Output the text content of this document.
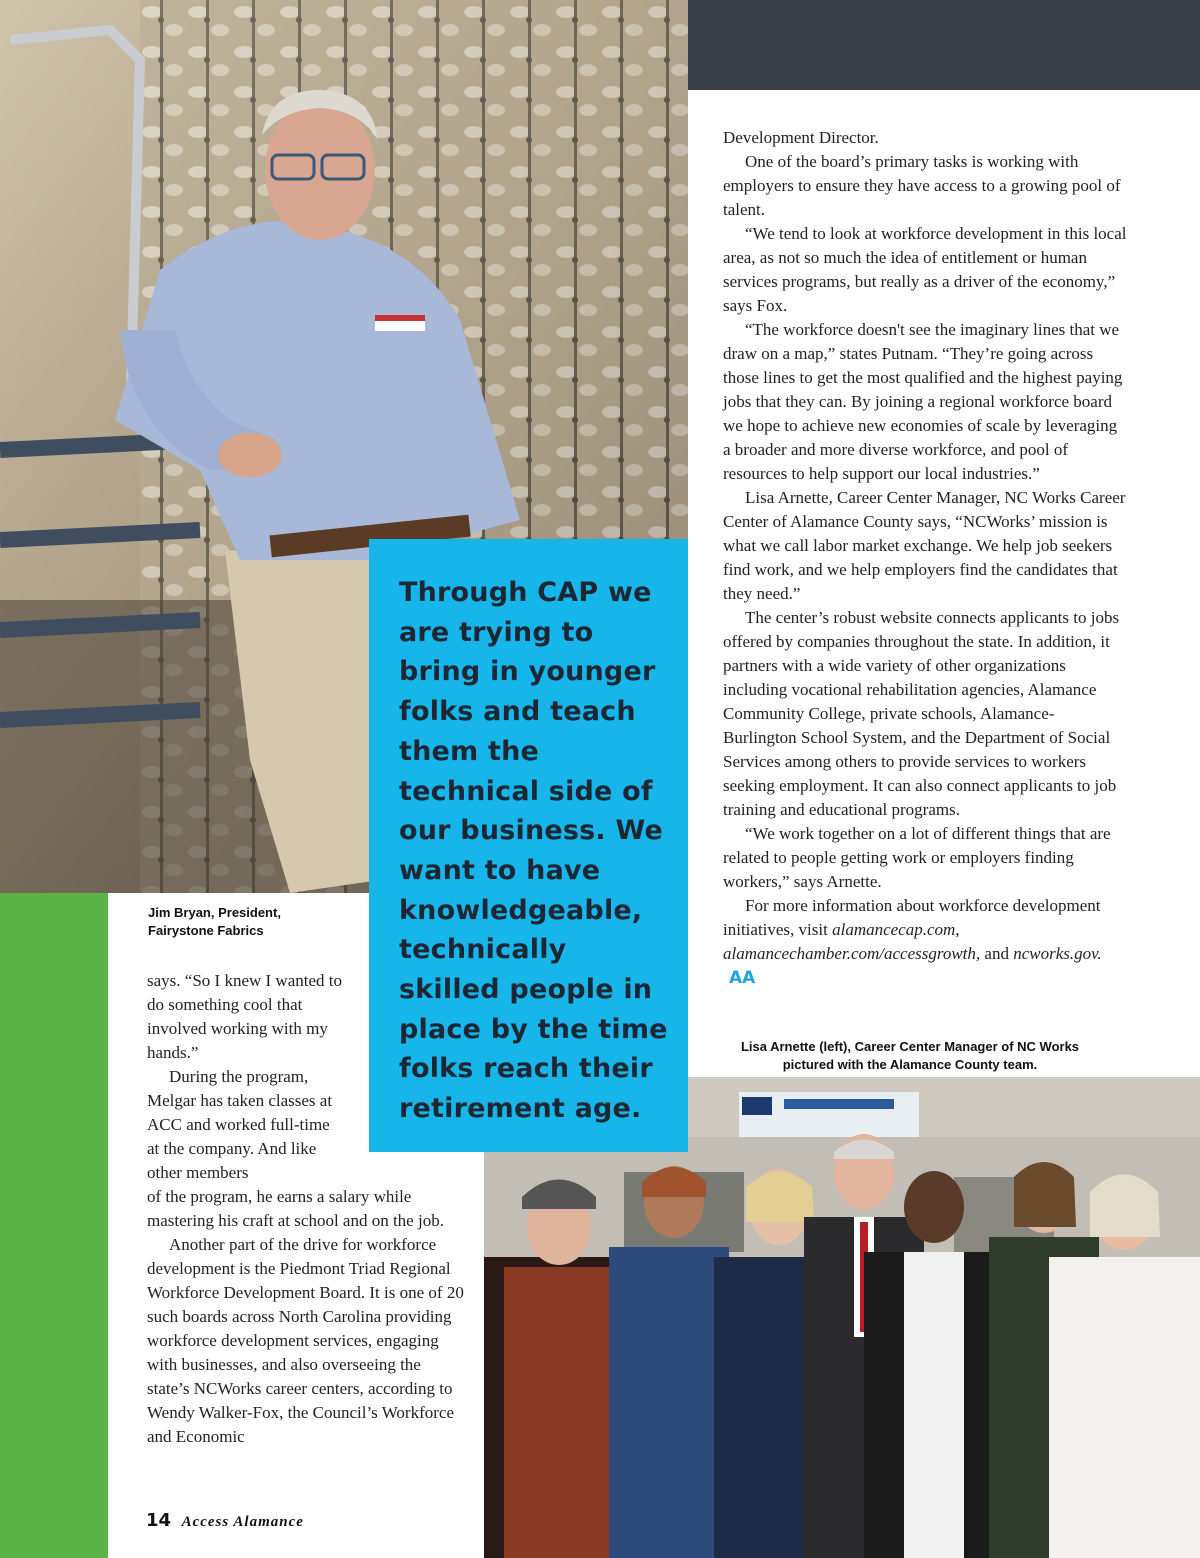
Through CAP we are trying to bring in younger folks and teach them the technical side of our business. We want to have knowledgeable, technically skilled people in place by the time folks reach their retirement age.

Jim Bryan, President,
Fairystone Fabrics
Lisa Arnette (left), Career Center Manager of NC Works
pictured with the Alamance County team.

says. “So I knew I wanted to do something cool that involved working with my hands.”

During the program, Melgar has taken classes at ACC and worked full-time at the company. And like other members

of the program, he earns a salary while mastering his craft at school and on the job.

Another part of the drive for workforce development is the Piedmont Triad Regional Workforce Development Board. It is one of 20 such boards across North Carolina providing workforce development services, engaging with businesses, and also overseeing the state’s NCWorks career centers, according to Wendy Walker-Fox, the Council’s Workforce and Economic

Development Director.

One of the board’s primary tasks is working with employers to ensure they have access to a growing pool of talent.

“We tend to look at workforce development in this local area, as not so much the idea of entitlement or human services programs, but really as a driver of the economy,” says Fox.

“The workforce doesn't see the imaginary lines that we draw on a map,” states Putnam. “They’re going across those lines to get the most qualified and the highest paying jobs that they can. By joining a regional workforce board we hope to achieve new economies of scale by leveraging a broader and more diverse workforce, and pool of resources to help support our local industries.”

Lisa Arnette, Career Center Manager, NC Works Career Center of Alamance County says, “NCWorks’ mission is what we call labor market exchange. We help job seekers find work, and we help employers find the candidates that they need.”

The center’s robust website connects applicants to jobs offered by companies throughout the state. In addition, it partners with a wide variety of other organizations including vocational rehabilitation agencies, Alamance Community College, private schools, Alamance-Burlington School System, and the Department of Social Services among others to provide services to workers seeking employment. It can also connect applicants to job training and educational programs.

“We work together on a lot of different things that are related to people getting work or employers finding workers,” says Arnette.

For more information about workforce development initiatives, visit alamancecap.com, alamancechamber.com/accessgrowth, and ncworks.gov. AA

14 Access Alamance
